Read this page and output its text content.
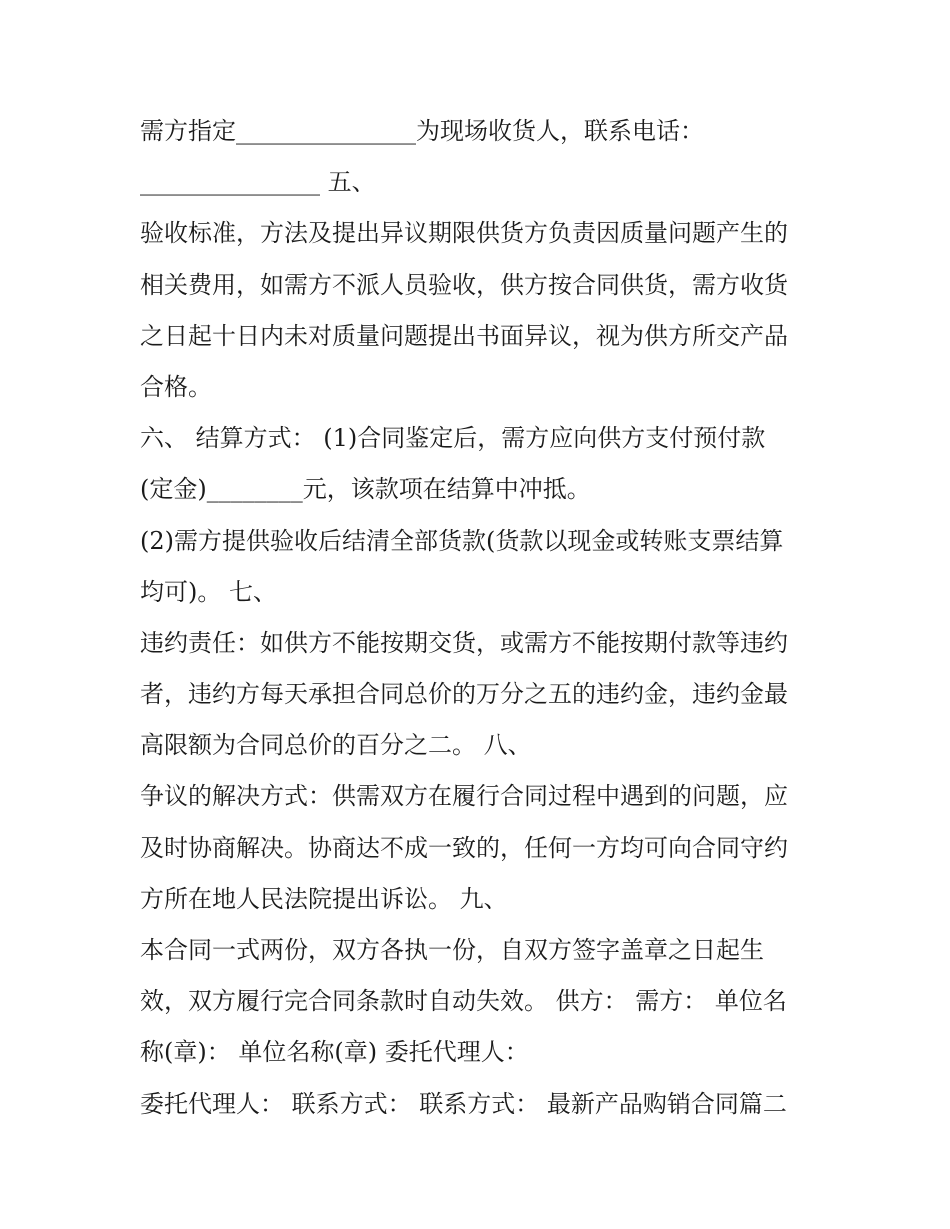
需方指定_______________为现场收货人，联系电话：
_______________ 五、
验收标准，方法及提出异议期限供货方负责因质量问题产生的
相关费用，如需方不派人员验收，供方按合同供货，需方收货
之日起十日内未对质量问题提出书面异议，视为供方所交产品
合格。
六、 结算方式： (1)合同鉴定后，需方应向供方支付预付款
(定金)________元，该款项在结算中冲抵。
(2)需方提供验收后结清全部货款(货款以现金或转账支票结算
均可)。 七、
违约责任：如供方不能按期交货，或需方不能按期付款等违约
者，违约方每天承担合同总价的万分之五的违约金，违约金最
高限额为合同总价的百分之二。 八、
争议的解决方式：供需双方在履行合同过程中遇到的问题，应
及时协商解决。协商达不成一致的，任何一方均可向合同守约
方所在地人民法院提出诉讼。 九、
本合同一式两份，双方各执一份，自双方签字盖章之日起生
效，双方履行完合同条款时自动失效。 供方： 需方： 单位名
称(章)： 单位名称(章) 委托代理人：
委托代理人： 联系方式： 联系方式： 最新产品购销合同篇二
